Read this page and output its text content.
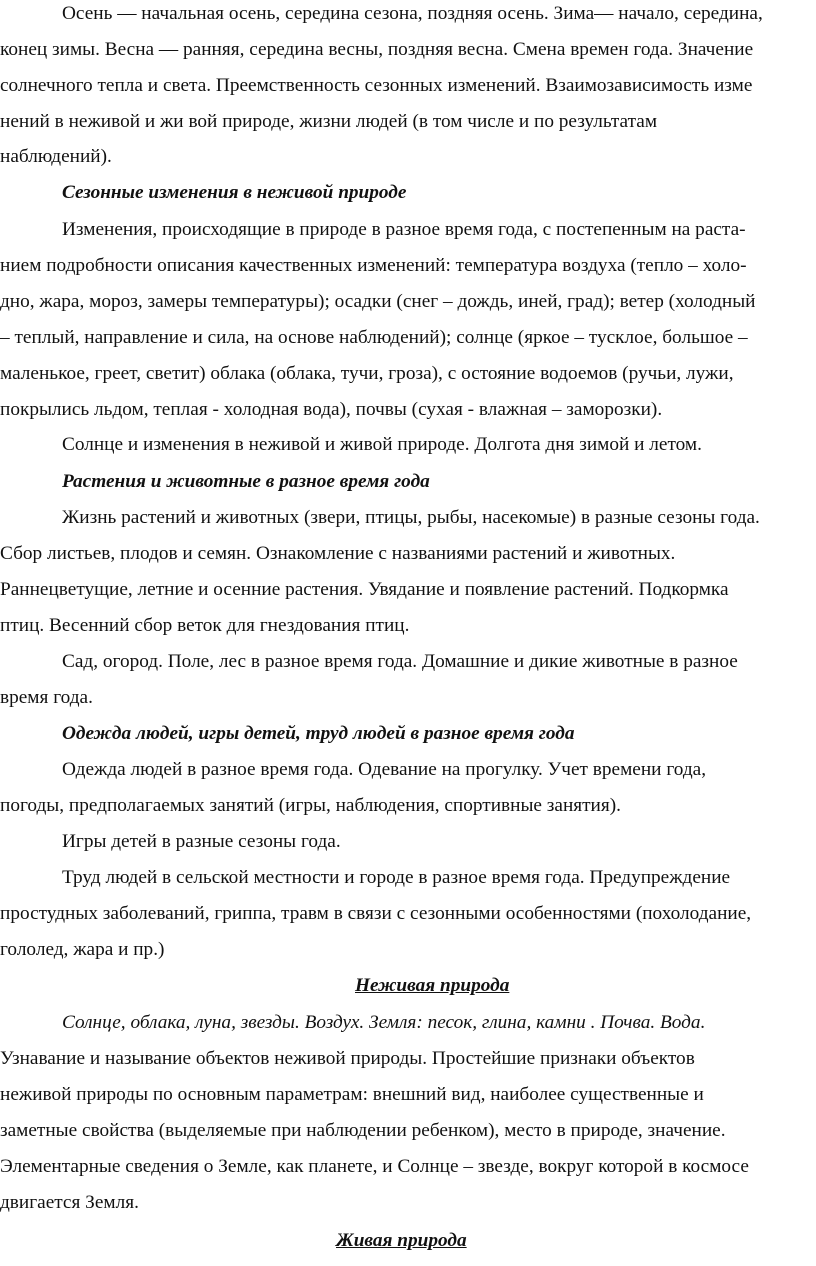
Осень — начальная осень, середина сезона, поздняя осень. Зима— начало, середина,
конец зимы. Весна — ранняя, середина весны, поздняя весна. Смена времен года. Значение
солнечного тепла и света. Преемственность сезонных изменений. Взаимозависимость изме
нений в неживой и жи вой природе, жизни людей (в том числе и по результатам
наблюдений).
Сезонные изменения в неживой природе
Изменения, происходящие в природе в разное время года, с постепенным на раста-
нием подробности описания качественных изменений: температура воздуха (тепло – холо-
дно, жара, мороз, замеры температуры); осадки (снег – дождь, иней, град); ветер (холодный
– теплый, направление и сила, на основе наблюдений); солнце (яркое – тусклое, большое –
маленькое, греет, светит) облака (облака, тучи, гроза), с остояние водоемов (ручьи, лужи,
покрылись льдом, теплая - холодная вода), почвы (сухая - влажная – заморозки).
Солнце и изменения в неживой и живой природе. Долгота дня зимой и летом.
Растения и животные в разное время года
Жизнь растений и животных (звери, птицы, рыбы, насекомые) в разные сезоны года.
Сбор листьев, плодов и семян. Ознакомление с названиями растений и животных.
Раннецветущие, летние и осенние растения. Увядание и появление растений. Подкормка
птиц. Весенний сбор веток для гнездования птиц.
Сад, огород. Поле, лес в разное время года. Домашние и дикие животные в разное
время года.
Одежда людей, игры детей, труд людей в разное время года
Одежда людей в разное время года. Одевание на прогулку. Учет времени года,
погоды, предполагаемых занятий (игры, наблюдения, спортивные занятия).
Игры детей в разные сезоны года.
Труд людей в сельской местности и городе в разное время года. Предупреждение
простудных заболеваний, гриппа, травм в связи с сезонными особенностями (похолодание,
гололед, жара и пр.)
Неживая природа
Солнце, облака, луна, звезды. Воздух. Земля: песок, глина, камни . Почва. Вода.
Узнавание и называние объектов неживой природы. Простейшие признаки объектов
неживой природы по основным параметрам: внешний вид, наиболее существенные и
заметные свойства (выделяемые при наблюдении ребенком), место в природе, значение.
Элементарные сведения о Земле, как планете, и Солнце – звезде, вокруг которой в космосе
двигается Земля.
Живая природа
